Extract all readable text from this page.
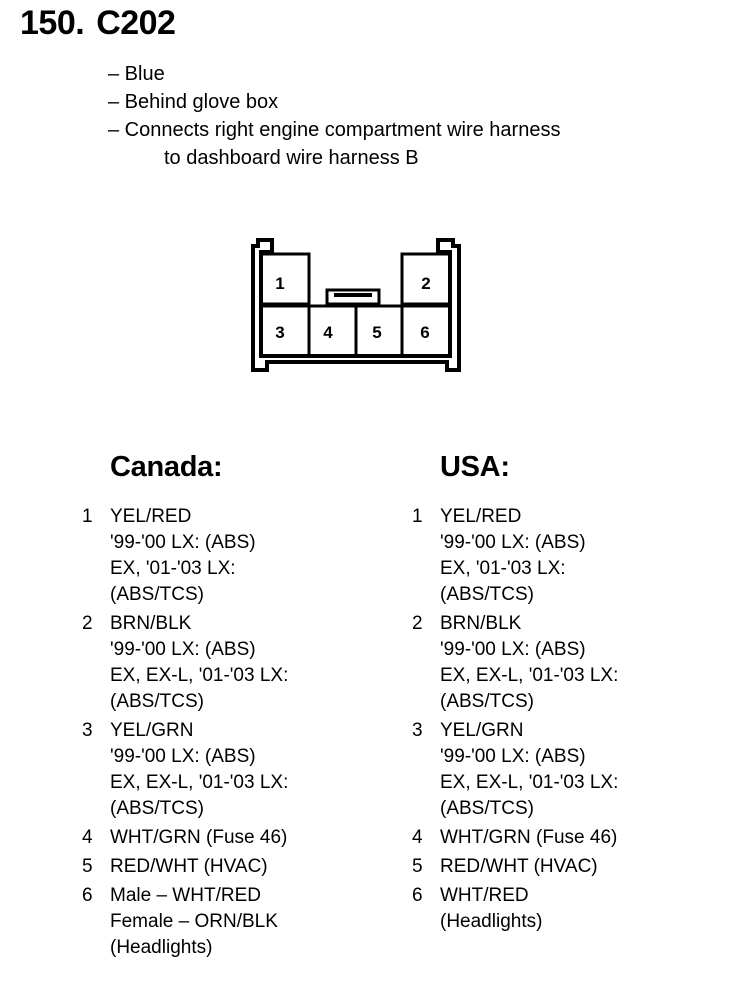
150. C202
– Blue
– Behind glove box
– Connects right engine compartment wire harness
to dashboard wire harness B
1	2
3 4 5 6
Canada:
1 YEL/RED
'99-'00 LX: (ABS)
EX, '01-'03 LX:
(ABS/TCS)
2 BRN/BLK
'99-'00 LX: (ABS)
EX, EX-L, '01-'03 LX:
(ABS/TCS)
3 YEL/GRN
'99-'00 LX: (ABS)
EX, EX-L, '01-'03 LX:
(ABS/TCS)
4 WHT/GRN (Fuse 46)
5 RED/WHT (HVAC)
6 Male – WHT/RED
Female – ORN/BLK
(Headlights)
USA:
1 YEL/RED
'99-'00 LX: (ABS)
EX, '01-'03 LX:
(ABS/TCS)
2 BRN/BLK
'99-'00 LX: (ABS)
EX, EX-L, '01-'03 LX:
(ABS/TCS)
3 YEL/GRN
'99-'00 LX: (ABS)
EX, EX-L, '01-'03 LX:
(ABS/TCS)
4 WHT/GRN (Fuse 46)
5 RED/WHT (HVAC)
6 WHT/RED
(Headlights)
